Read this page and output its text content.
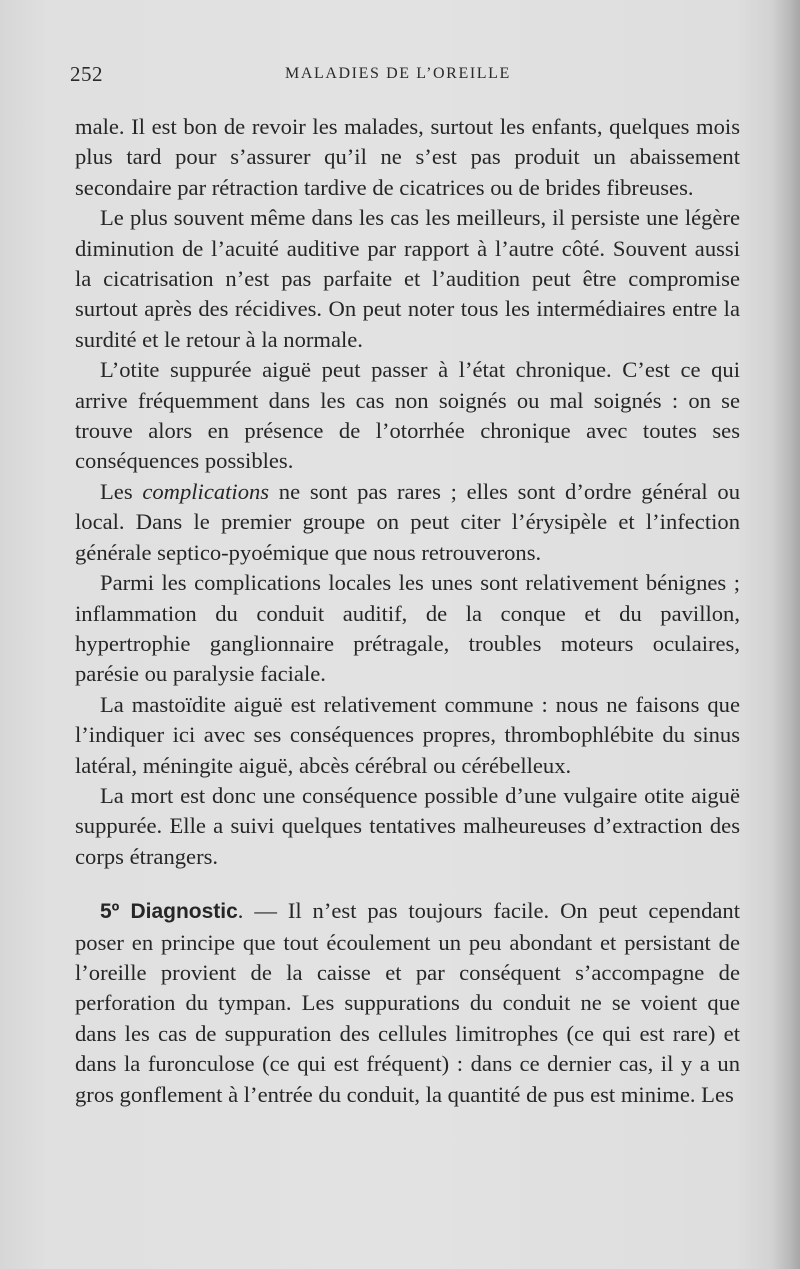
252	MALADIES DE L’OREILLE

male. Il est bon de revoir les malades, surtout les enfants, quelques mois plus tard pour s’assurer qu’il ne s’est pas produit un abaissement secondaire par rétraction tardive de cicatrices ou de brides fibreuses.

Le plus souvent même dans les cas les meilleurs, il persiste une légère diminution de l’acuité auditive par rapport à l’autre côté. Souvent aussi la cicatrisation n’est pas parfaite et l’audition peut être compromise surtout après des récidives. On peut noter tous les intermédiaires entre la surdité et le retour à la normale.

L’otite suppurée aiguë peut passer à l’état chronique. C’est ce qui arrive fréquemment dans les cas non soignés ou mal soignés : on se trouve alors en présence de l’otorrhée chronique avec toutes ses conséquences possibles.

Les complications ne sont pas rares ; elles sont d’ordre général ou local. Dans le premier groupe on peut citer l’érysipèle et l’infection générale septico-pyoémique que nous retrouverons.

Parmi les complications locales les unes sont relativement bénignes ; inflammation du conduit auditif, de la conque et du pavillon, hypertrophie ganglionnaire prétragale, troubles moteurs oculaires, parésie ou paralysie faciale.

La mastoïdite aiguë est relativement commune : nous ne faisons que l’indiquer ici avec ses conséquences propres, thrombophlébite du sinus latéral, méningite aiguë, abcès cérébral ou cérébelleux.

La mort est donc une conséquence possible d’une vulgaire otite aiguë suppurée. Elle a suivi quelques tentatives malheureuses d’extraction des corps étrangers.

5º Diagnostic. — Il n’est pas toujours facile. On peut cependant poser en principe que tout écoulement un peu abondant et persistant de l’oreille provient de la caisse et par conséquent s’accompagne de perforation du tympan. Les suppurations du conduit ne se voient que dans les cas de suppuration des cellules limitrophes (ce qui est rare) et dans la furonculose (ce qui est fréquent) : dans ce dernier cas, il y a un gros gonflement à l’entrée du conduit, la quantité de pus est minime. Les
